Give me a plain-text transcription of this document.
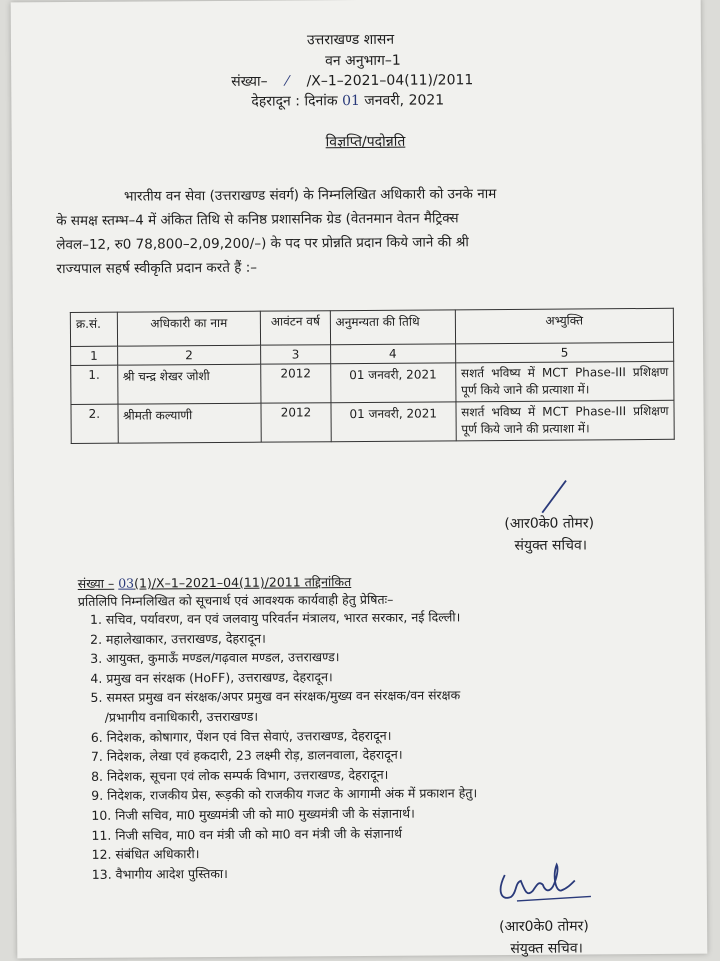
उत्तराखण्ड शासन
वन अनुभाग–1
संख्या– ⁄ /X–1–2021–04(11)/2011
देहरादून : दिनांक 01 जनवरी, 2021
विज्ञप्ति/पदोन्नति
भारतीय वन सेवा (उत्तराखण्ड संवर्ग) के निम्नलिखित अधिकारी को उनके नाम
के समक्ष स्तम्भ–4 में अंकित तिथि से कनिष्ठ प्रशासनिक ग्रेड (वेतनमान वेतन मैट्रिक्स
लेवल–12, रु0 78,800–2,09,200/–) के पद पर प्रोन्नति प्रदान किये जाने की श्री
राज्यपाल सहर्ष स्वीकृति प्रदान करते हैं :–
क्र.सं.	अधिकारी का नाम	आवंटन वर्ष	अनुमन्यता की तिथि	अभ्युक्ति
1	2	3	4	5
1.	श्री चन्द्र शेखर जोशी	2012	01 जनवरी, 2021	सशर्त भविष्य में MCT Phase-III प्रशिक्षण पूर्ण किये जाने की प्रत्याशा में।
2.	श्रीमती कल्याणी	2012	01 जनवरी, 2021	सशर्त भविष्य में MCT Phase-III प्रशिक्षण पूर्ण किये जाने की प्रत्याशा में।
(आर0के0 तोमर)
संयुक्त सचिव।
संख्या – 03(1)/X–1–2021–04(11)/2011 तद्दिनांकित
प्रतिलिपि निम्नलिखित को सूचनार्थ एवं आवश्यक कार्यवाही हेतु प्रेषितः–
1. सचिव, पर्यावरण, वन एवं जलवायु परिवर्तन मंत्रालय, भारत सरकार, नई दिल्ली।
2. महालेखाकार, उत्तराखण्ड, देहरादून।
3. आयुक्त, कुमाऊँ मण्डल/गढ़वाल मण्डल, उत्तराखण्ड।
4. प्रमुख वन संरक्षक (HoFF), उत्तराखण्ड, देहरादून।
5. समस्त प्रमुख वन संरक्षक/अपर प्रमुख वन संरक्षक/मुख्य वन संरक्षक/वन संरक्षक
/प्रभागीय वनाधिकारी, उत्तराखण्ड।
6. निदेशक, कोषागार, पेंशन एवं वित्त सेवाएं, उत्तराखण्ड, देहरादून।
7. निदेशक, लेखा एवं हकदारी, 23 लक्ष्मी रोड़, डालनवाला, देहरादून।
8. निदेशक, सूचना एवं लोक सम्पर्क विभाग, उत्तराखण्ड, देहरादून।
9. निदेशक, राजकीय प्रेस, रूड़की को राजकीय गजट के आगामी अंक में प्रकाशन हेतु।
10. निजी सचिव, मा0 मुख्यमंत्री जी को मा0 मुख्यमंत्री जी के संज्ञानार्थ।
11. निजी सचिव, मा0 वन मंत्री जी को मा0 वन मंत्री जी के संज्ञानार्थ
12. संबंधित अधिकारी।
13. वैभागीय आदेश पुस्तिका।
(आर0के0 तोमर)
संयुक्त सचिव।
